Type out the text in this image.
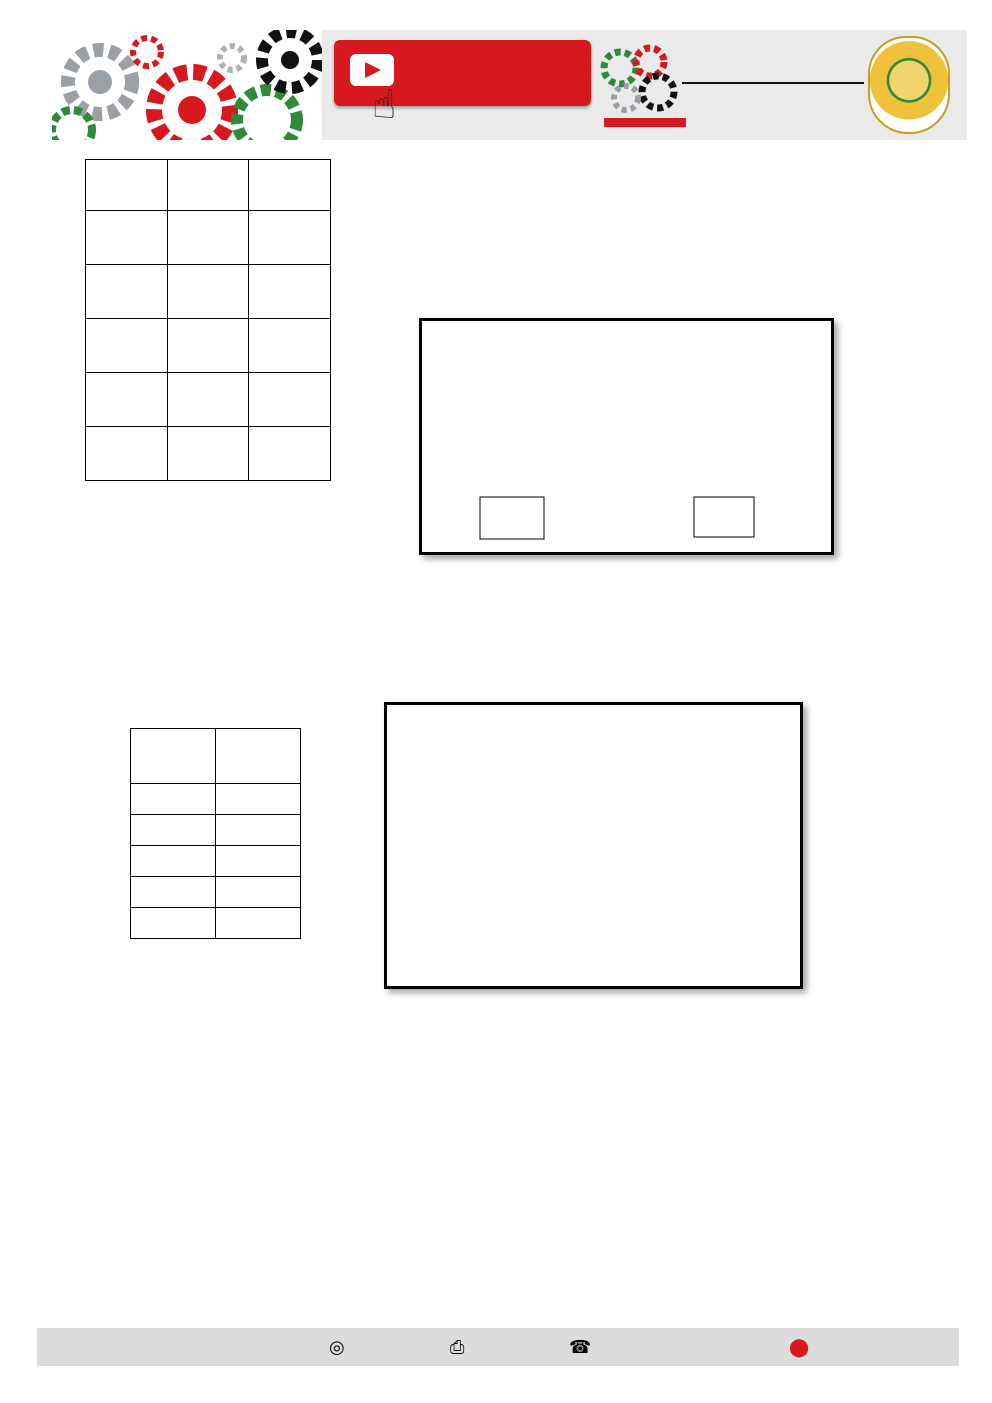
☝

◎	⎙	☎	⬤
